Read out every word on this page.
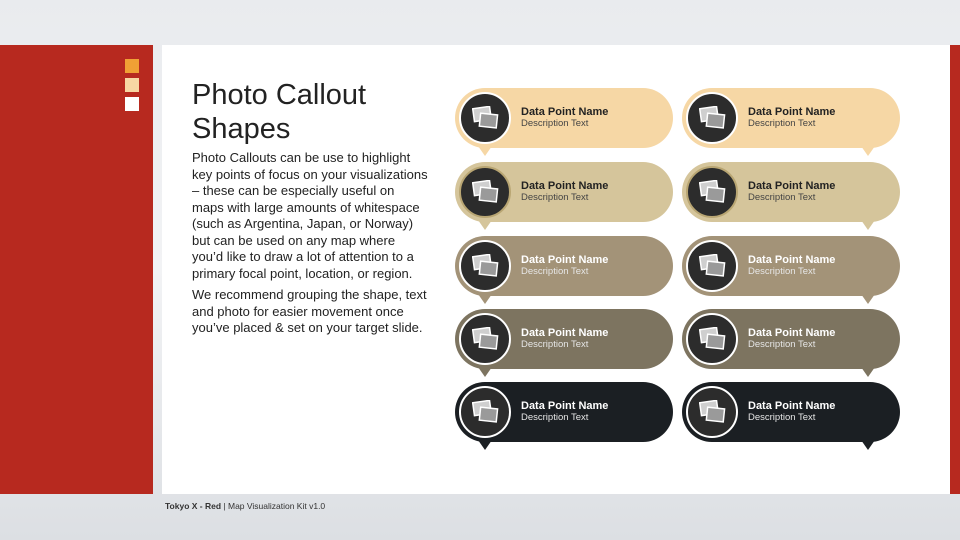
Photo Callout
Shapes

Photo Callouts can be use to highlight key points of focus on your visualizations – these can be especially useful on maps with large amounts of whitespace (such as Argentina, Japan, or Norway) but can be used on any map where you’d like to draw a lot of attention to a primary focal point, location, or region.

We recommend grouping the shape, text and photo for easier movement once you’ve placed & set on your target slide.

Data Point Name
Description Text
Data Point Name
Description Text
Data Point Name
Description Text
Data Point Name
Description Text
Data Point Name
Description Text
Data Point Name
Description Text
Data Point Name
Description Text
Data Point Name
Description Text
Data Point Name
Description Text
Data Point Name
Description Text
Tokyo X - Red | Map Visualization Kit v1.0
